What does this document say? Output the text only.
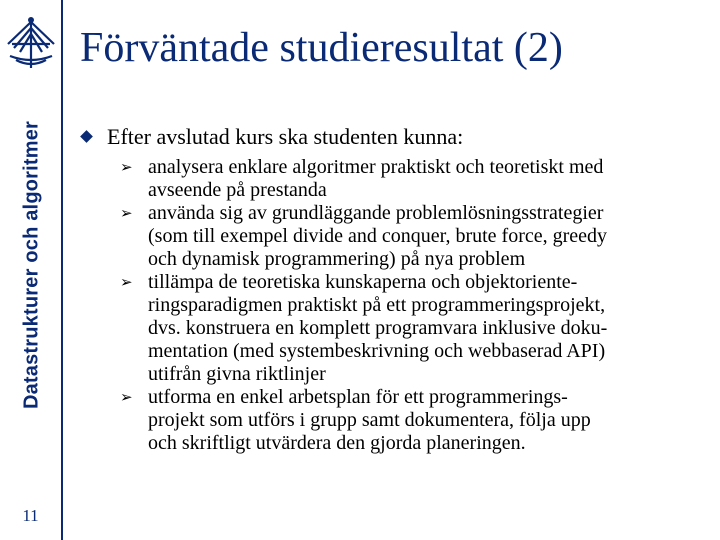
Datastrukturer och algoritmer
11
Förväntade studieresultat (2)
Efter avslutad kurs ska studenten kunna:
➢ analysera enklare algoritmer praktiskt och teoretiskt med
avseende på prestanda
➢ använda sig av grundläggande problemlösningsstrategier
(som till exempel divide and conquer, brute force, greedy
och dynamisk programmering) på nya problem
➢ tillämpa de teoretiska kunskaperna och objektoriente-
ringsparadigmen praktiskt på ett programmeringsprojekt,
dvs. konstruera en komplett programvara inklusive doku-
mentation (med systembeskrivning och webbaserad API)
utifrån givna riktlinjer
➢ utforma en enkel arbetsplan för ett programmerings-
projekt som utförs i grupp samt dokumentera, följa upp
och skriftligt utvärdera den gjorda planeringen.
